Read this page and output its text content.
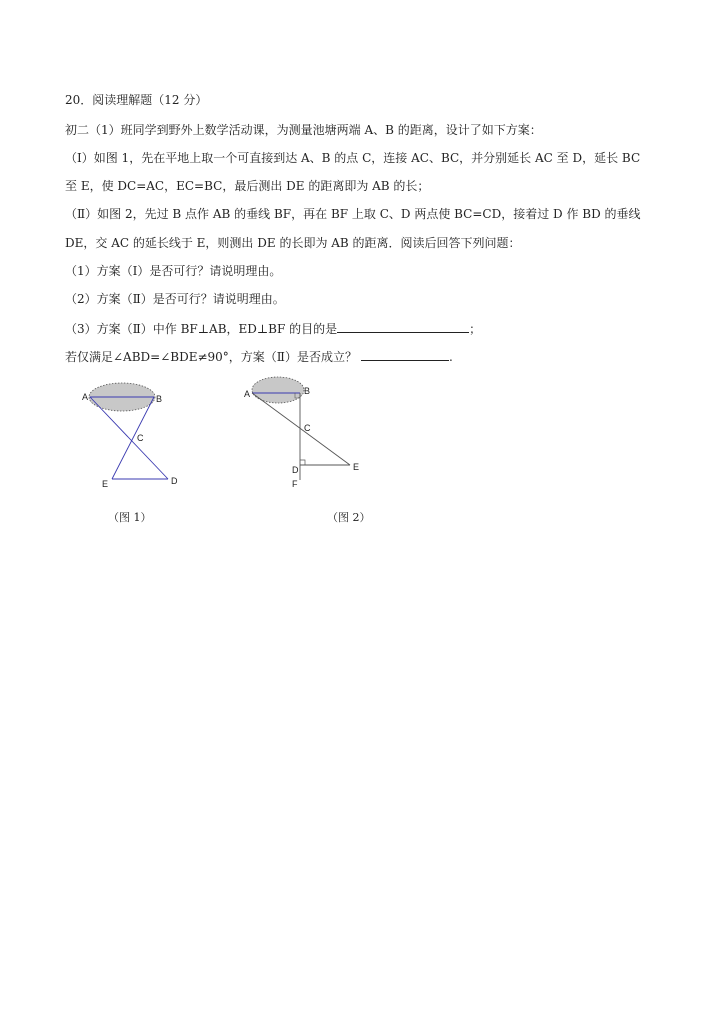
20．阅读理解题（12 分）
初二（1）班同学到野外上数学活动课，为测量池塘两端 A、B 的距离，设计了如下方案：
（Ⅰ）如图 1，先在平地上取一个可直接到达 A、B 的点 C，连接 AC、BC，并分别延长 AC 至 D，延长 BC
至 E，使 DC=AC，EC=BC，最后测出 DE 的距离即为 AB 的长；
（Ⅱ）如图 2，先过 B 点作 AB 的垂线 BF，再在 BF 上取 C、D 两点使 BC=CD，接着过 D 作 BD 的垂线
DE，交 AC 的延长线于 E，则测出 DE 的长即为 AB 的距离．阅读后回答下列问题：
（1）方案（Ⅰ）是否可行？请说明理由。
（2）方案（Ⅱ）是否可行？请说明理由。
（3）方案（Ⅱ）中作 BF⊥AB，ED⊥BF 的目的是	；
若仅满足∠ABD=∠BDE≠90°，方案（Ⅱ）是否成立？	.
A	B
C
D
E
（图 1）
A	B
C
D	E
F
（图 2）
